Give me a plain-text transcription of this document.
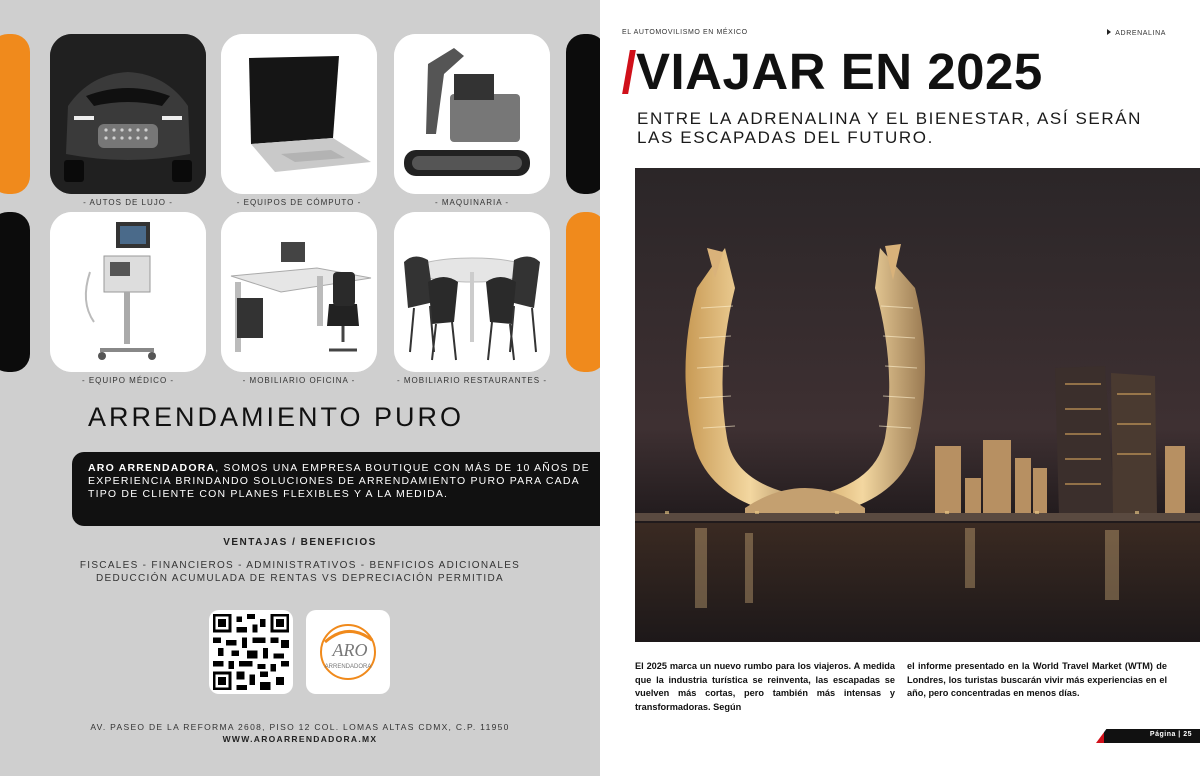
- AUTOS DE LUJO -	- EQUIPOS DE CÓMPUTO -	- MAQUINARIA -
- EQUIPO MÉDICO -	- MOBILIARIO OFICINA -	- MOBILIARIO RESTAURANTES -
ARRENDAMIENTO PURO
ARO ARRENDADORA, SOMOS UNA EMPRESA BOUTIQUE CON MÁS DE 10 AÑOS DE EXPERIENCIA BRINDANDO SOLUCIONES DE ARRENDAMIENTO PURO PARA CADA TIPO DE CLIENTE CON PLANES FLEXIBLES Y A LA MEDIDA.
VENTAJAS / BENEFICIOS
FISCALES - FINANCIEROS - ADMINISTRATIVOS - BENFICIOS ADICIONALES
DEDUCCIÓN ACUMULADA DE RENTAS VS DEPRECIACIÓN PERMITIDA
ARO
ARRENDADORA
AV. PASEO DE LA REFORMA 2608, PISO 12 COL. LOMAS ALTAS CDMX, C.P. 11950
WWW.AROARRENDADORA.MX
EL AUTOMOVILISMO EN MÉXICO	ADRENALINA
VIAJAR EN 2025
ENTRE LA ADRENALINA Y EL BIENESTAR, ASÍ SERÁN LAS ESCAPADAS DEL FUTURO.
El 2025 marca un nuevo rumbo para los viajeros. A medida que la industria turística se reinventa, las escapadas se vuelven más cortas, pero también más intensas y transformadoras. Según
el informe presentado en la World Travel Market (WTM) de Londres, los turistas buscarán vivir más experiencias en el año, pero concentradas en menos días.
Página | 25
